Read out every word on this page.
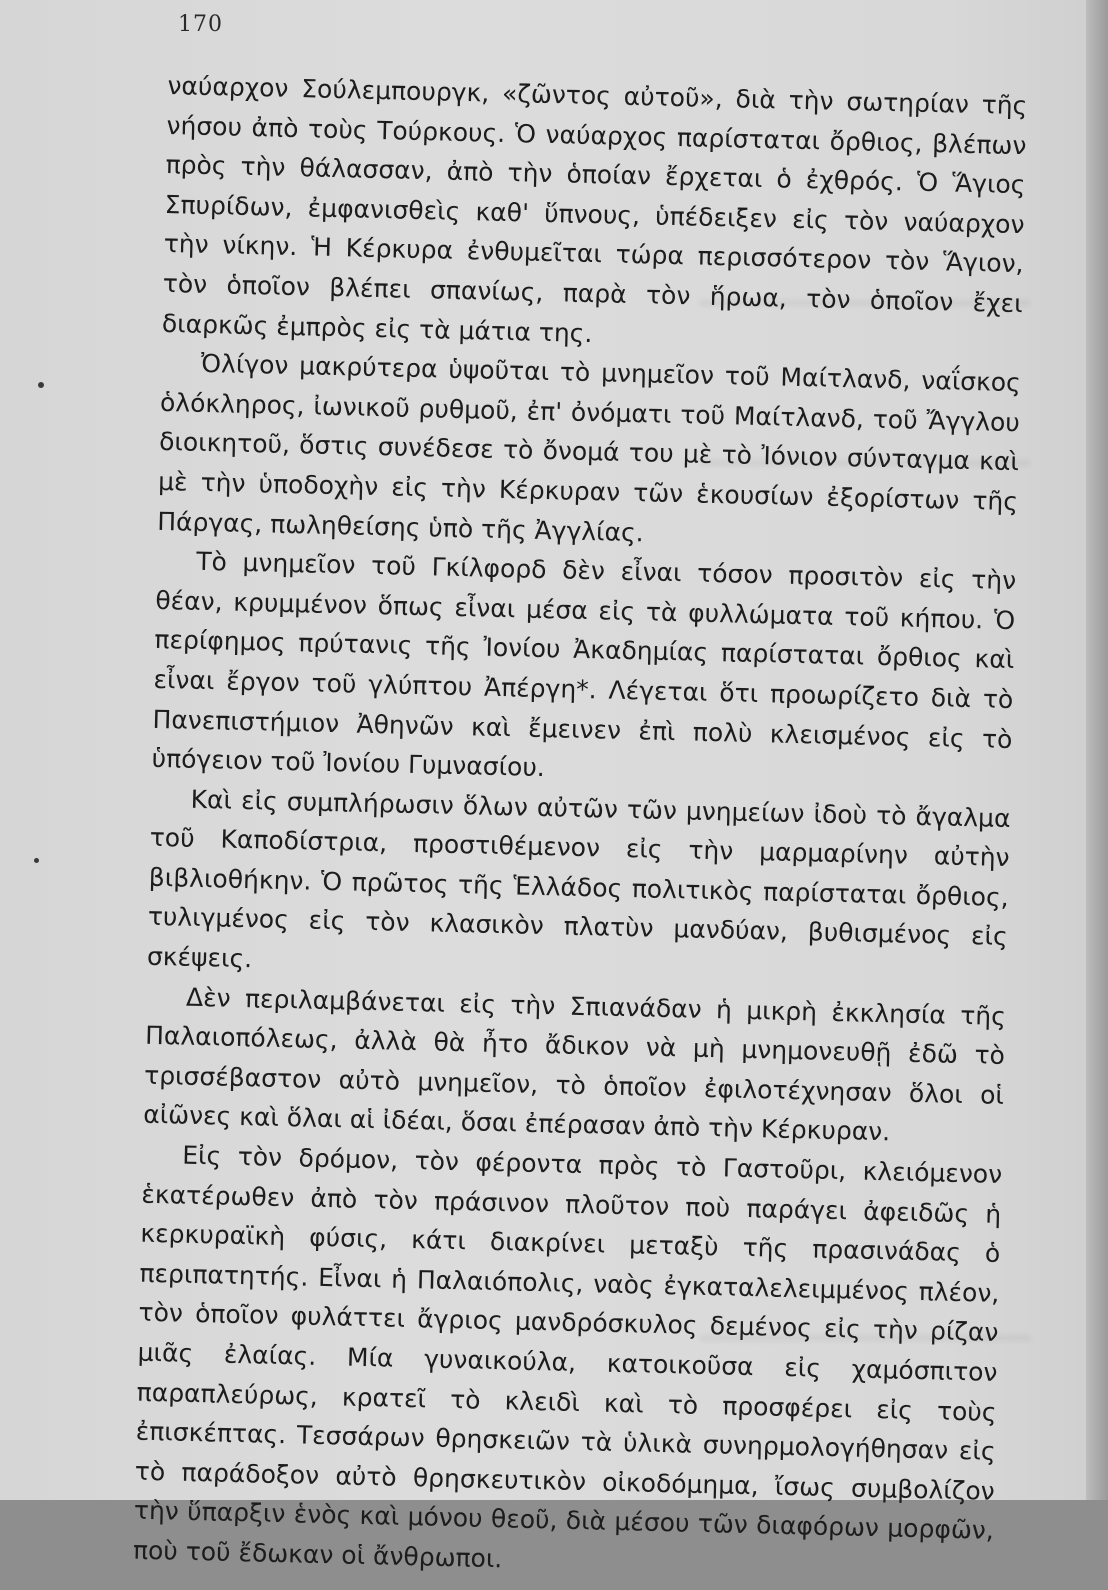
170

ναύαρχον Σούλεμπουργκ, «ζῶντος αὐτοῦ», διὰ τὴν σωτηρίαν τῆς νήσου ἀπὸ τοὺς Τούρκους. Ὁ ναύαρχος παρίσταται ὄρθιος, βλέπων πρὸς τὴν θάλασσαν, ἀπὸ τὴν ὁποίαν ἔρχεται ὁ ἐχθρός. Ὁ Ἅγιος Σπυρίδων, ἐμφανισθεὶς καθ' ὕπνους, ὑπέδειξεν εἰς τὸν ναύαρχον τὴν νίκην. Ἡ Κέρκυρα ἐνθυμεῖται τώρα περισσότερον τὸν Ἅγιον, τὸν ὁποῖον βλέπει σπανίως, παρὰ τὸν ἥρωα, τὸν ὁποῖον ἔχει διαρκῶς ἐμπρὸς εἰς τὰ μάτια της.

Ὀλίγον μακρύτερα ὑψοῦται τὸ μνημεῖον τοῦ Μαίτλανδ, ναΐσκος ὁλόκληρος, ἰωνικοῦ ρυθμοῦ, ἐπ' ὀνόματι τοῦ Μαίτλανδ, τοῦ Ἄγγλου διοικητοῦ, ὅστις συνέδεσε τὸ ὄνομά του μὲ τὸ Ἰόνιον σύνταγμα καὶ μὲ τὴν ὑποδοχὴν εἰς τὴν Κέρκυραν τῶν ἑκουσίων ἐξορίστων τῆς Πάργας, πωληθείσης ὑπὸ τῆς Ἀγγλίας.

Τὸ μνημεῖον τοῦ Γκίλφορδ δὲν εἶναι τόσον προσιτὸν εἰς τὴν θέαν, κρυμμένον ὅπως εἶναι μέσα εἰς τὰ φυλλώματα τοῦ κήπου. Ὁ περίφημος πρύτανις τῆς Ἰονίου Ἀκαδημίας παρίσταται ὄρθιος καὶ εἶναι ἔργον τοῦ γλύπτου Ἀπέργη*. Λέγεται ὅτι προωρίζετο διὰ τὸ Πανεπιστήμιον Ἀθηνῶν καὶ ἔμεινεν ἐπὶ πολὺ κλεισμένος εἰς τὸ ὑπόγειον τοῦ Ἰονίου Γυμνασίου.

Καὶ εἰς συμπλήρωσιν ὅλων αὐτῶν τῶν μνημείων ἰδοὺ τὸ ἄγαλμα τοῦ Καποδίστρια, προστιθέμενον εἰς τὴν μαρμαρίνην αὐτὴν βιβλιοθήκην. Ὁ πρῶτος τῆς Ἑλλάδος πολιτικὸς παρίσταται ὄρθιος, τυλιγμένος εἰς τὸν κλασικὸν πλατὺν μανδύαν, βυθισμένος εἰς σκέψεις.

Δὲν περιλαμβάνεται εἰς τὴν Σπιανάδαν ἡ μικρὴ ἐκκλησία τῆς Παλαιοπόλεως, ἀλλὰ θὰ ἦτο ἄδικον νὰ μὴ μνημονευθῇ ἐδῶ τὸ τρισσέβαστον αὐτὸ μνημεῖον, τὸ ὁποῖον ἐφιλοτέχνησαν ὅλοι οἱ αἰῶνες καὶ ὅλαι αἱ ἰδέαι, ὅσαι ἐπέρασαν ἀπὸ τὴν Κέρκυραν.

Εἰς τὸν δρόμον, τὸν φέροντα πρὸς τὸ Γαστοῦρι, κλειόμενον ἑκατέρωθεν ἀπὸ τὸν πράσινον πλοῦτον ποὺ παράγει ἀφειδῶς ἡ κερκυραϊκὴ φύσις, κάτι διακρίνει μεταξὺ τῆς πρασινάδας ὁ περιπατητής. Εἶναι ἡ Παλαιόπολις, ναὸς ἐγκαταλελειμμένος πλέον, τὸν ὁποῖον φυλάττει ἄγριος μανδρόσκυλος δεμένος εἰς τὴν ρίζαν μιᾶς ἐλαίας. Μία γυναικούλα, κατοικοῦσα εἰς χαμόσπιτον παραπλεύρως, κρατεῖ τὸ κλειδὶ καὶ τὸ προσφέρει εἰς τοὺς ἐπισκέπτας. Τεσσάρων θρησκειῶν τὰ ὑλικὰ συνηρμολογήθησαν εἰς τὸ παράδοξον αὐτὸ θρησκευτικὸν οἰκοδόμημα, ἴσως συμβολίζον τὴν ὕπαρξιν ἑνὸς καὶ μόνου θεοῦ, διὰ μέσου τῶν διαφόρων μορφῶν, ποὺ τοῦ ἔδωκαν οἱ ἄνθρωποι.
